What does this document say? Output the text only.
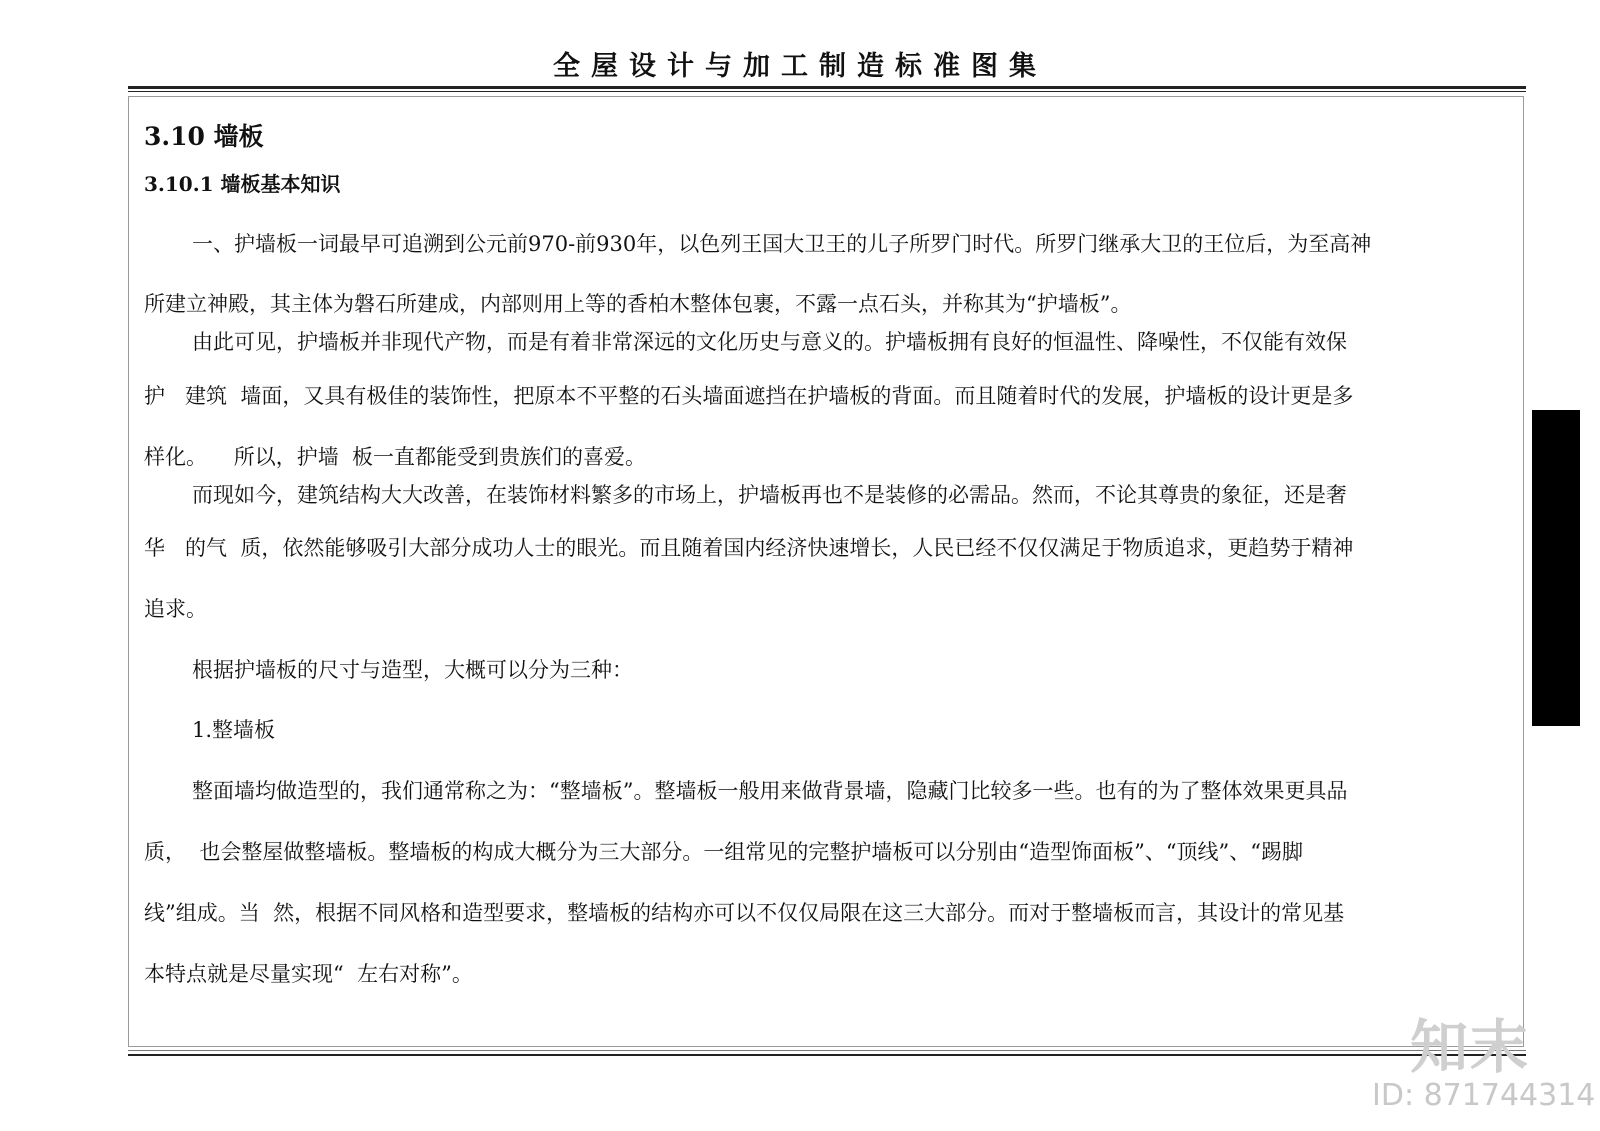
全屋设计与加工制造标准图集
3.10 墙板
3.10.1 墙板基本知识
一、护墙板一词最早可追溯到公元前970-前930年，以色列王国大卫王的儿子所罗门时代。所罗门继承大卫的王位后，为至高神
所建立神殿，其主体为磐石所建成，内部则用上等的香柏木整体包裹，不露一点石头，并称其为“护墙板”。
由此可见，护墙板并非现代产物，而是有着非常深远的文化历史与意义的。护墙板拥有良好的恒温性、降噪性，不仅能有效保
护   建筑  墙面，又具有极佳的装饰性，把原本不平整的石头墙面遮挡在护墙板的背面。而且随着时代的发展，护墙板的设计更是多
样化。    所以，护墙  板一直都能受到贵族们的喜爱。
而现如今，建筑结构大大改善，在装饰材料繁多的市场上，护墙板再也不是装修的必需品。然而，不论其尊贵的象征，还是奢
华   的气  质，依然能够吸引大部分成功人士的眼光。而且随着国内经济快速增长，人民已经不仅仅满足于物质追求，更趋势于精神
追求。
根据护墙板的尺寸与造型，大概可以分为三种：
1.整墙板
整面墙均做造型的，我们通常称之为：“整墙板”。整墙板一般用来做背景墙，隐藏门比较多一些。也有的为了整体效果更具品
质，  也会整屋做整墙板。整墙板的构成大概分为三大部分。一组常见的完整护墙板可以分别由“造型饰面板”、“顶线”、“踢脚
线”组成。当  然，根据不同风格和造型要求，整墙板的结构亦可以不仅仅局限在这三大部分。而对于整墙板而言，其设计的常见基
本特点就是尽量实现“  左右对称”。
知末
ID: 871744314
